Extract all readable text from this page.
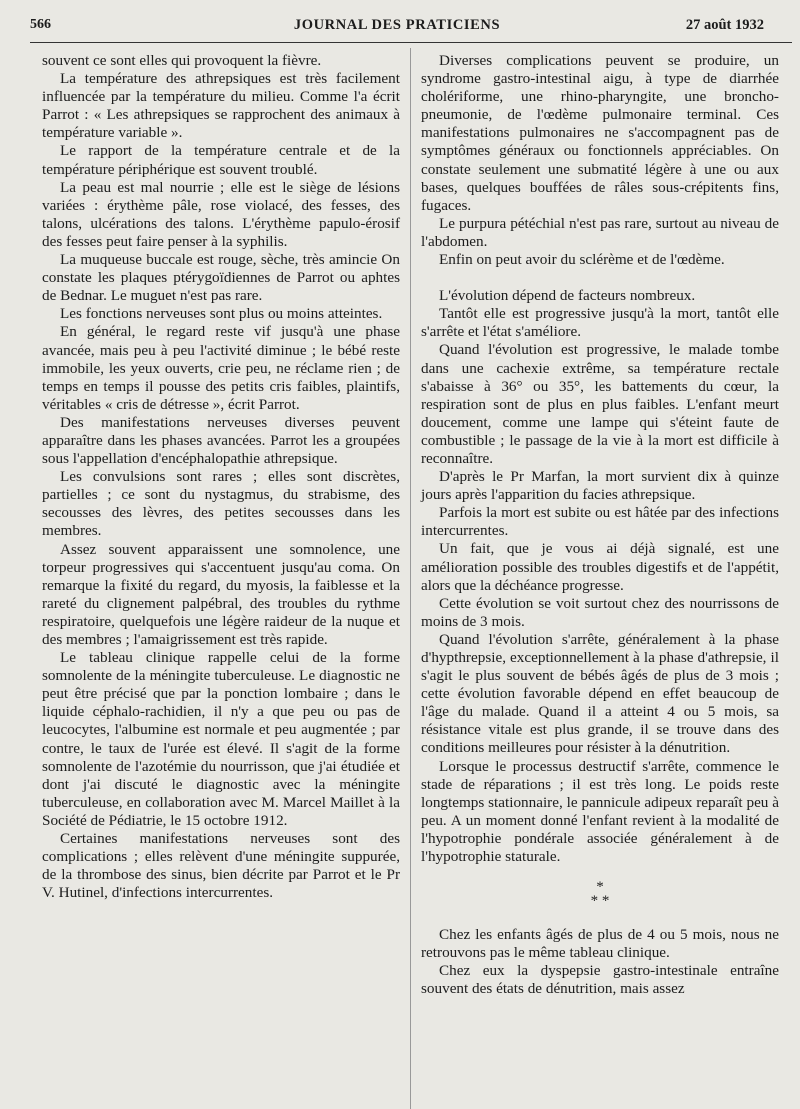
566	JOURNAL DES PRATICIENS	27 août 1932

souvent ce sont elles qui provoquent la fièvre.

La température des athrepsiques est très facilement influencée par la température du milieu. Comme l'a écrit Parrot : « Les athrepsiques se rapprochent des animaux à température variable ».

Le rapport de la température centrale et de la température périphérique est souvent troublé.

La peau est mal nourrie ; elle est le siège de lésions variées : érythème pâle, rose violacé, des fesses, des talons, ulcérations des talons. L'érythème papulo-érosif des fesses peut faire penser à la syphilis.

La muqueuse buccale est rouge, sèche, très amincie On constate les plaques ptérygoïdiennes de Parrot ou aphtes de Bednar. Le muguet n'est pas rare.

Les fonctions nerveuses sont plus ou moins atteintes.

En général, le regard reste vif jusqu'à une phase avancée, mais peu à peu l'activité diminue ; le bébé reste immobile, les yeux ouverts, crie peu, ne réclame rien ; de temps en temps il pousse des petits cris faibles, plaintifs, véritables « cris de détresse », écrit Parrot.

Des manifestations nerveuses diverses peuvent apparaître dans les phases avancées. Parrot les a groupées sous l'appellation d'encéphalopathie athrepsique.

Les convulsions sont rares ; elles sont discrètes, partielles ; ce sont du nystagmus, du strabisme, des secousses des lèvres, des petites secousses dans les membres.

Assez souvent apparaissent une somnolence, une torpeur progressives qui s'accentuent jusqu'au coma. On remarque la fixité du regard, du myosis, la faiblesse et la rareté du clignement palpébral, des troubles du rythme respiratoire, quelquefois une légère raideur de la nuque et des membres ; l'amaigrissement est très rapide.

Le tableau clinique rappelle celui de la forme somnolente de la méningite tuberculeuse. Le diagnostic ne peut être précisé que par la ponction lombaire ; dans le liquide céphalo-rachidien, il n'y a que peu ou pas de leucocytes, l'albumine est normale et peu augmentée ; par contre, le taux de l'urée est élevé. Il s'agit de la forme somnolente de l'azotémie du nourrisson, que j'ai étudiée et dont j'ai discuté le diagnostic avec la méningite tuberculeuse, en collaboration avec M. Marcel Maillet à la Société de Pédiatrie, le 15 octobre 1912.

Certaines manifestations nerveuses sont des complications ; elles relèvent d'une méningite suppurée, de la thrombose des sinus, bien décrite par Parrot et le Pr V. Hutinel, d'infections intercurrentes.

Diverses complications peuvent se produire, un syndrome gastro-intestinal aigu, à type de diarrhée cholériforme, une rhino-pharyngite, une broncho-pneumonie, de l'œdème pulmonaire terminal. Ces manifestations pulmonaires ne s'accompagnent pas de symptômes généraux ou fonctionnels appréciables. On constate seulement une submatité légère à une ou aux bases, quelques bouffées de râles sous-crépitents fins, fugaces.

Le purpura pétéchial n'est pas rare, surtout au niveau de l'abdomen.

Enfin on peut avoir du sclérème et de l'œdème.

L'évolution dépend de facteurs nombreux.

Tantôt elle est progressive jusqu'à la mort, tantôt elle s'arrête et l'état s'améliore.

Quand l'évolution est progressive, le malade tombe dans une cachexie extrême, sa température rectale s'abaisse à 36° ou 35°, les battements du cœur, la respiration sont de plus en plus faibles. L'enfant meurt doucement, comme une lampe qui s'éteint faute de combustible ; le passage de la vie à la mort est difficile à reconnaître.

D'après le Pr Marfan, la mort survient dix à quinze jours après l'apparition du facies athrepsique.

Parfois la mort est subite ou est hâtée par des infections intercurrentes.

Un fait, que je vous ai déjà signalé, est une amélioration possible des troubles digestifs et de l'appétit, alors que la déchéance progresse.

Cette évolution se voit surtout chez des nourrissons de moins de 3 mois.

Quand l'évolution s'arrête, généralement à la phase d'hypthrepsie, exceptionnellement à la phase d'athrepsie, il s'agit le plus souvent de bébés âgés de plus de 3 mois ; cette évolution favorable dépend en effet beaucoup de l'âge du malade. Quand il a atteint 4 ou 5 mois, sa résistance vitale est plus grande, il se trouve dans des conditions meilleures pour résister à la dénutrition.

Lorsque le processus destructif s'arrête, commence le stade de réparations ; il est très long. Le poids reste longtemps stationnaire, le pannicule adipeux reparaît peu à peu. A un moment donné l'enfant revient à la modalité de l'hypotrophie pondérale associée généralement à de l'hypotrophie staturale.

*
* *

Chez les enfants âgés de plus de 4 ou 5 mois, nous ne retrouvons pas le même tableau clinique.

Chez eux la dyspepsie gastro-intestinale entraîne souvent des états de dénutrition, mais assez
